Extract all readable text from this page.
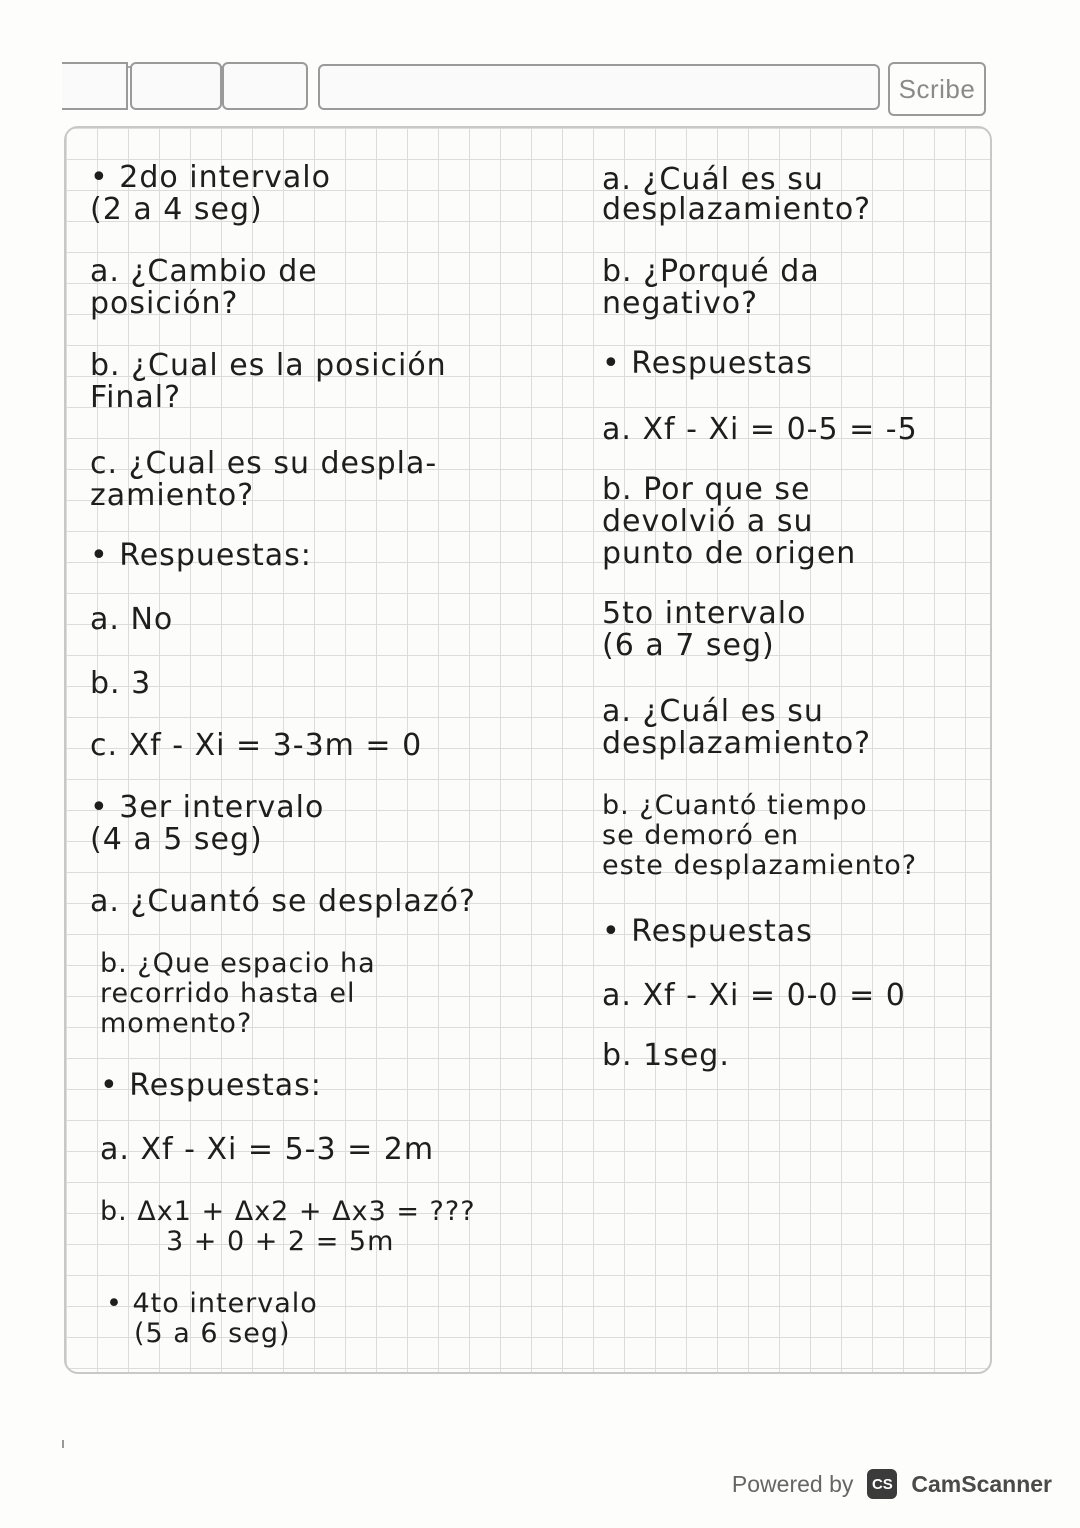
Scribe
• 2do intervalo
(2 a 4 seg)
a. ¿Cambio de
posición?
b. ¿Cual es la posición
Final?
c. ¿Cual es su despla-
zamiento?
• Respuestas:
a. No
b. 3
c. Xf - Xi = 3-3m = 0
• 3er intervalo
(4 a 5 seg)
a. ¿Cuantó se desplazó?
b. ¿Que espacio ha
recorrido hasta el
momento?
• Respuestas:
a. Xf - Xi = 5-3 = 2m
b. Δx1 + Δx2 + Δx3 = ???
3 + 0 + 2 = 5m
• 4to intervalo
(5 a 6 seg)
a. ¿Cuál es su
desplazamiento?
b. ¿Porqué da
negativo?
• Respuestas
a. Xf - Xi = 0-5 = -5
b. Por que se
devolvió a su
punto de origen
5to intervalo
(6 a 7 seg)
a. ¿Cuál es su
desplazamiento?
b. ¿Cuantó tiempo
se demoró en
este desplazamiento?
• Respuestas
a. Xf - Xi = 0-0 = 0
b. 1seg.
Powered by	CS CamScanner
